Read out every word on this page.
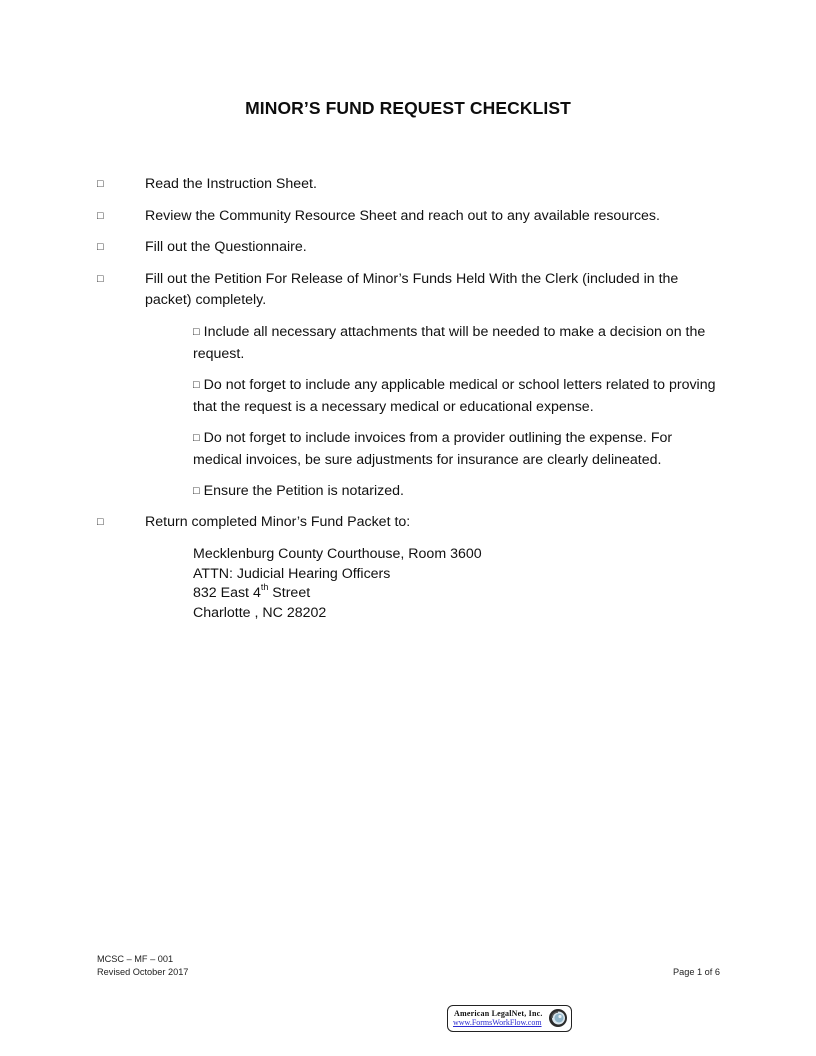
MINOR’S FUND REQUEST CHECKLIST
□	Read the Instruction Sheet.
□	Review the Community Resource Sheet and reach out to any available resources.
□	Fill out the Questionnaire.
□	Fill out the Petition For Release of Minor’s Funds Held With the Clerk (included in the packet) completely.
□ Include all necessary attachments that will be needed to make a decision on the request.
□ Do not forget to include any applicable medical or school letters related to proving that the request is a necessary medical or educational expense.
□ Do not forget to include invoices from a provider outlining the expense. For medical invoices, be sure adjustments for insurance are clearly delineated.
□ Ensure the Petition is notarized.
□	Return completed Minor’s Fund Packet to:
Mecklenburg County Courthouse, Room 3600
ATTN: Judicial Hearing Officers
832 East 4th Street
Charlotte , NC 28202
MCSC – MF – 001
Revised October 2017	Page 1 of 6
American LegalNet, Inc.
www.FormsWorkFlow.com
